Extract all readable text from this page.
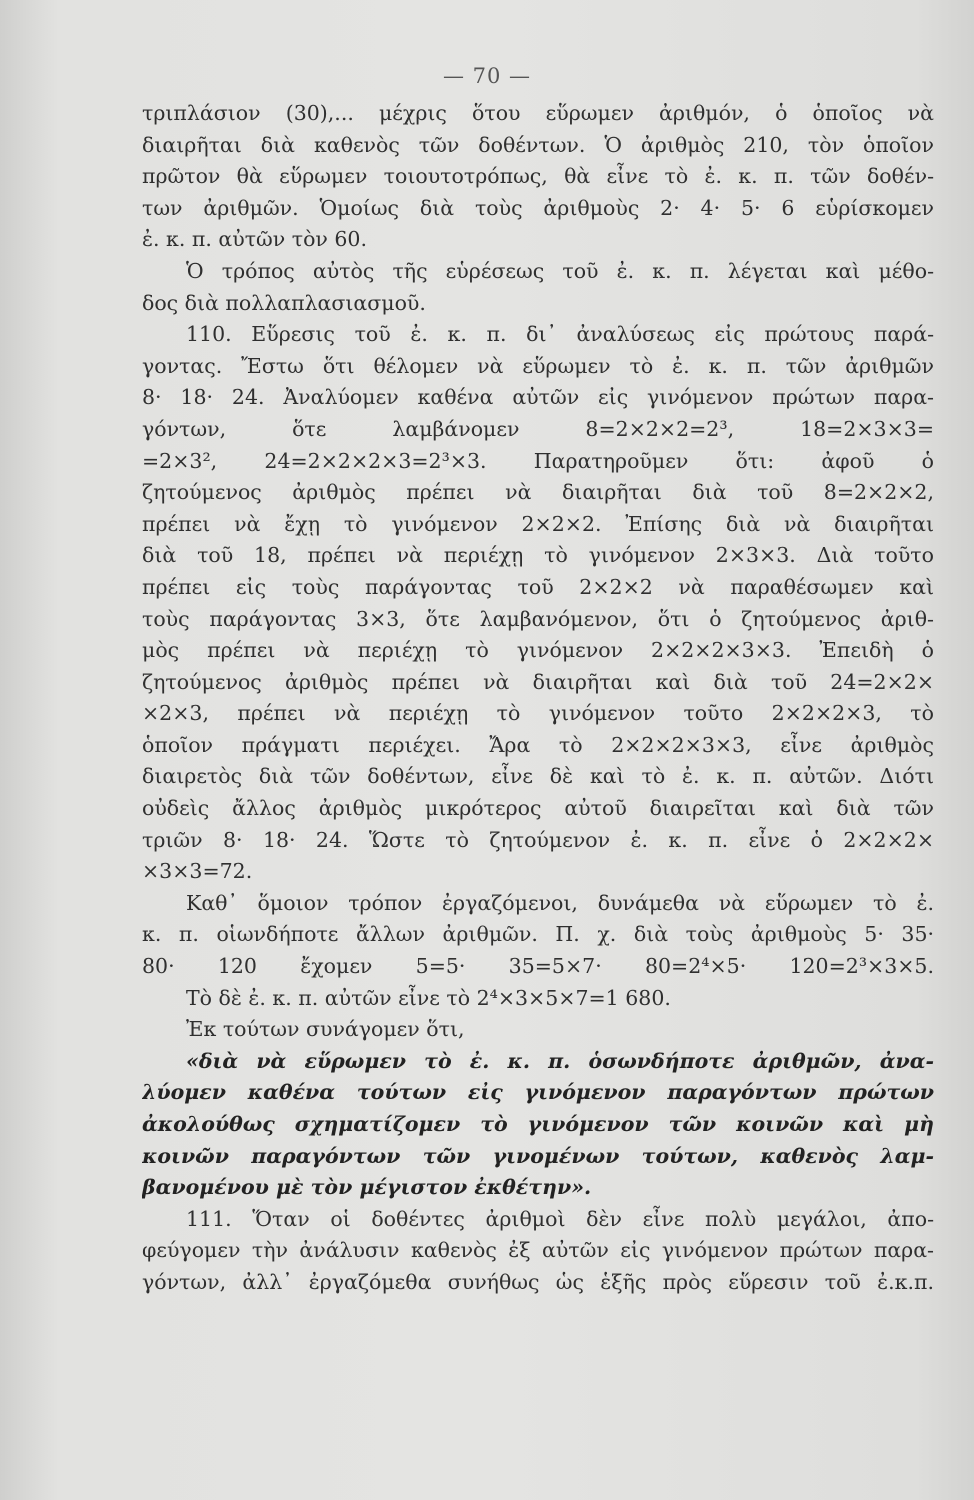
— 70 —
τριπλάσιον (30),... μέχρις ὅτου εὕρωμεν ἀριθμόν, ὁ ὁποῖος νὰ
διαιρῆται διὰ καθενὸς τῶν δοθέντων. Ὁ ἀριθμὸς 210, τὸν ὁποῖον
πρῶτον θὰ εὕρωμεν τοιουτοτρόπως, θὰ εἶνε τὸ ἐ. κ. π. τῶν δοθέν-
των ἀριθμῶν. Ὁμοίως διὰ τοὺς ἀριθμοὺς 2· 4· 5· 6 εὑρίσκομεν
ἐ. κ. π. αὐτῶν τὸν 60.
Ὁ τρόπος αὐτὸς τῆς εὑρέσεως τοῦ ἐ. κ. π. λέγεται καὶ μέθο-
δος διὰ πολλαπλασιασμοῦ.
110. Εὕρεσις τοῦ ἐ. κ. π. δι᾽ ἀναλύσεως εἰς πρώτους παρά-
γοντας. Ἔστω ὅτι θέλομεν νὰ εὕρωμεν τὸ ἐ. κ. π. τῶν ἀριθμῶν
8· 18· 24. Ἀναλύομεν καθένα αὐτῶν εἰς γινόμενον πρώτων παρα-
γόντων, ὅτε λαμβάνομεν 8=2×2×2=2³, 18=2×3×3=
=2×3², 24=2×2×2×3=2³×3. Παρατηροῦμεν ὅτι: ἀφοῦ ὁ
ζητούμενος ἀριθμὸς πρέπει νὰ διαιρῆται διὰ τοῦ 8=2×2×2,
πρέπει νὰ ἔχῃ τὸ γινόμενον 2×2×2. Ἐπίσης διὰ νὰ διαιρῆται
διὰ τοῦ 18, πρέπει νὰ περιέχῃ τὸ γινόμενον 2×3×3. Διὰ τοῦτο
πρέπει εἰς τοὺς παράγοντας τοῦ 2×2×2 νὰ παραθέσωμεν καὶ
τοὺς παράγοντας 3×3, ὅτε λαμβανόμενον, ὅτι ὁ ζητούμενος ἀριθ-
μὸς πρέπει νὰ περιέχῃ τὸ γινόμενον 2×2×2×3×3. Ἐπειδὴ ὁ
ζητούμενος ἀριθμὸς πρέπει νὰ διαιρῆται καὶ διὰ τοῦ 24=2×2×
×2×3, πρέπει νὰ περιέχῃ τὸ γινόμενον τοῦτο 2×2×2×3, τὸ
ὁποῖον πράγματι περιέχει. Ἄρα τὸ 2×2×2×3×3, εἶνε ἀριθμὸς
διαιρετὸς διὰ τῶν δοθέντων, εἶνε δὲ καὶ τὸ ἐ. κ. π. αὐτῶν. Διότι
οὐδεὶς ἄλλος ἀριθμὸς μικρότερος αὐτοῦ διαιρεῖται καὶ διὰ τῶν
τριῶν 8· 18· 24. Ὥστε τὸ ζητούμενον ἐ. κ. π. εἶνε ὁ 2×2×2×
×3×3=72.
Καθ᾽ ὅμοιον τρόπον ἐργαζόμενοι, δυνάμεθα νὰ εὕρωμεν τὸ ἐ.
κ. π. οἱωνδήποτε ἄλλων ἀριθμῶν. Π. χ. διὰ τοὺς ἀριθμοὺς 5· 35·
80· 120 ἔχομεν 5=5· 35=5×7· 80=2⁴×5· 120=2³×3×5.
Τὸ δὲ ἐ. κ. π. αὐτῶν εἶνε τὸ 2⁴×3×5×7=1 680.
Ἐκ τούτων συνάγομεν ὅτι,
«διὰ νὰ εὕρωμεν τὸ ἐ. κ. π. ὁσωνδήποτε ἀριθμῶν, ἀνα-
λύομεν καθένα τούτων εἰς γινόμενον παραγόντων πρώτων
ἀκολούθως σχηματίζομεν τὸ γινόμενον τῶν κοινῶν καὶ μὴ
κοινῶν παραγόντων τῶν γινομένων τούτων, καθενὸς λαμ-
βανομένου μὲ τὸν μέγιστον ἐκθέτην».
111. Ὅταν οἱ δοθέντες ἀριθμοὶ δὲν εἶνε πολὺ μεγάλοι, ἀπο-
φεύγομεν τὴν ἀνάλυσιν καθενὸς ἐξ αὐτῶν εἰς γινόμενον πρώτων παρα-
γόντων, ἀλλ᾽ ἐργαζόμεθα συνήθως ὡς ἑξῆς πρὸς εὕρεσιν τοῦ ἐ.κ.π.
